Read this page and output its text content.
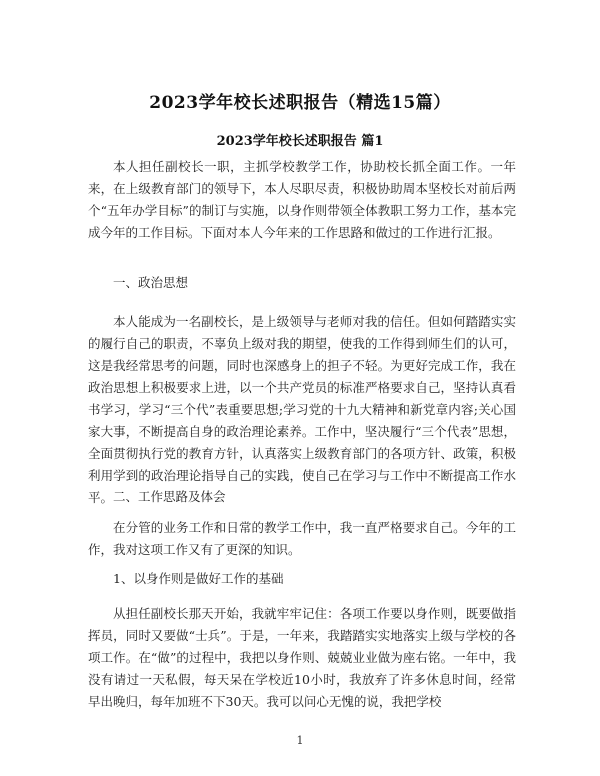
2023学年校长述职报告（精选15篇）
2023学年校长述职报告 篇1

本人担任副校长一职，主抓学校教学工作，协助校长抓全面工作。一年来，在上级教育部门的领导下，本人尽职尽责，积极协助周本坚校长对前后两个“五年办学目标”的制订与实施，以身作则带领全体教职工努力工作，基本完成今年的工作目标。下面对本人今年来的工作思路和做过的工作进行汇报。

一、政治思想

本人能成为一名副校长，是上级领导与老师对我的信任。但如何踏踏实实的履行自己的职责，不辜负上级对我的期望，使我的工作得到师生们的认可，这是我经常思考的问题，同时也深感身上的担子不轻。为更好完成工作，我在政治思想上积极要求上进，以一个共产党员的标准严格要求自己，坚持认真看书学习，学习“三个代”表重要思想;学习党的十九大精神和新党章内容;关心国家大事，不断提高自身的政治理论素养。工作中，坚决履行“三个代表”思想，全面贯彻执行党的教育方针，认真落实上级教育部门的各项方针、政策，积极利用学到的政治理论指导自己的实践，使自己在学习与工作中不断提高工作水平。 二、工作思路及体会

在分管的业务工作和日常的教学工作中，我一直严格要求自己。今年的工作，我对这项工作又有了更深的知识。

1、以身作则是做好工作的基础

从担任副校长那天开始，我就牢牢记住：各项工作要以身作则，既要做指挥员，同时又要做“士兵”。于是，一年来，我踏踏实实地落实上级与学校的各项工作。在“做”的过程中，我把以身作则、兢兢业业做为座右铭。一年中，我没有请过一天私假，每天呆在学校近10小时，我放弃了许多休息时间，经常早出晚归，每年加班不下30天。我可以问心无愧的说，我把学校

1
